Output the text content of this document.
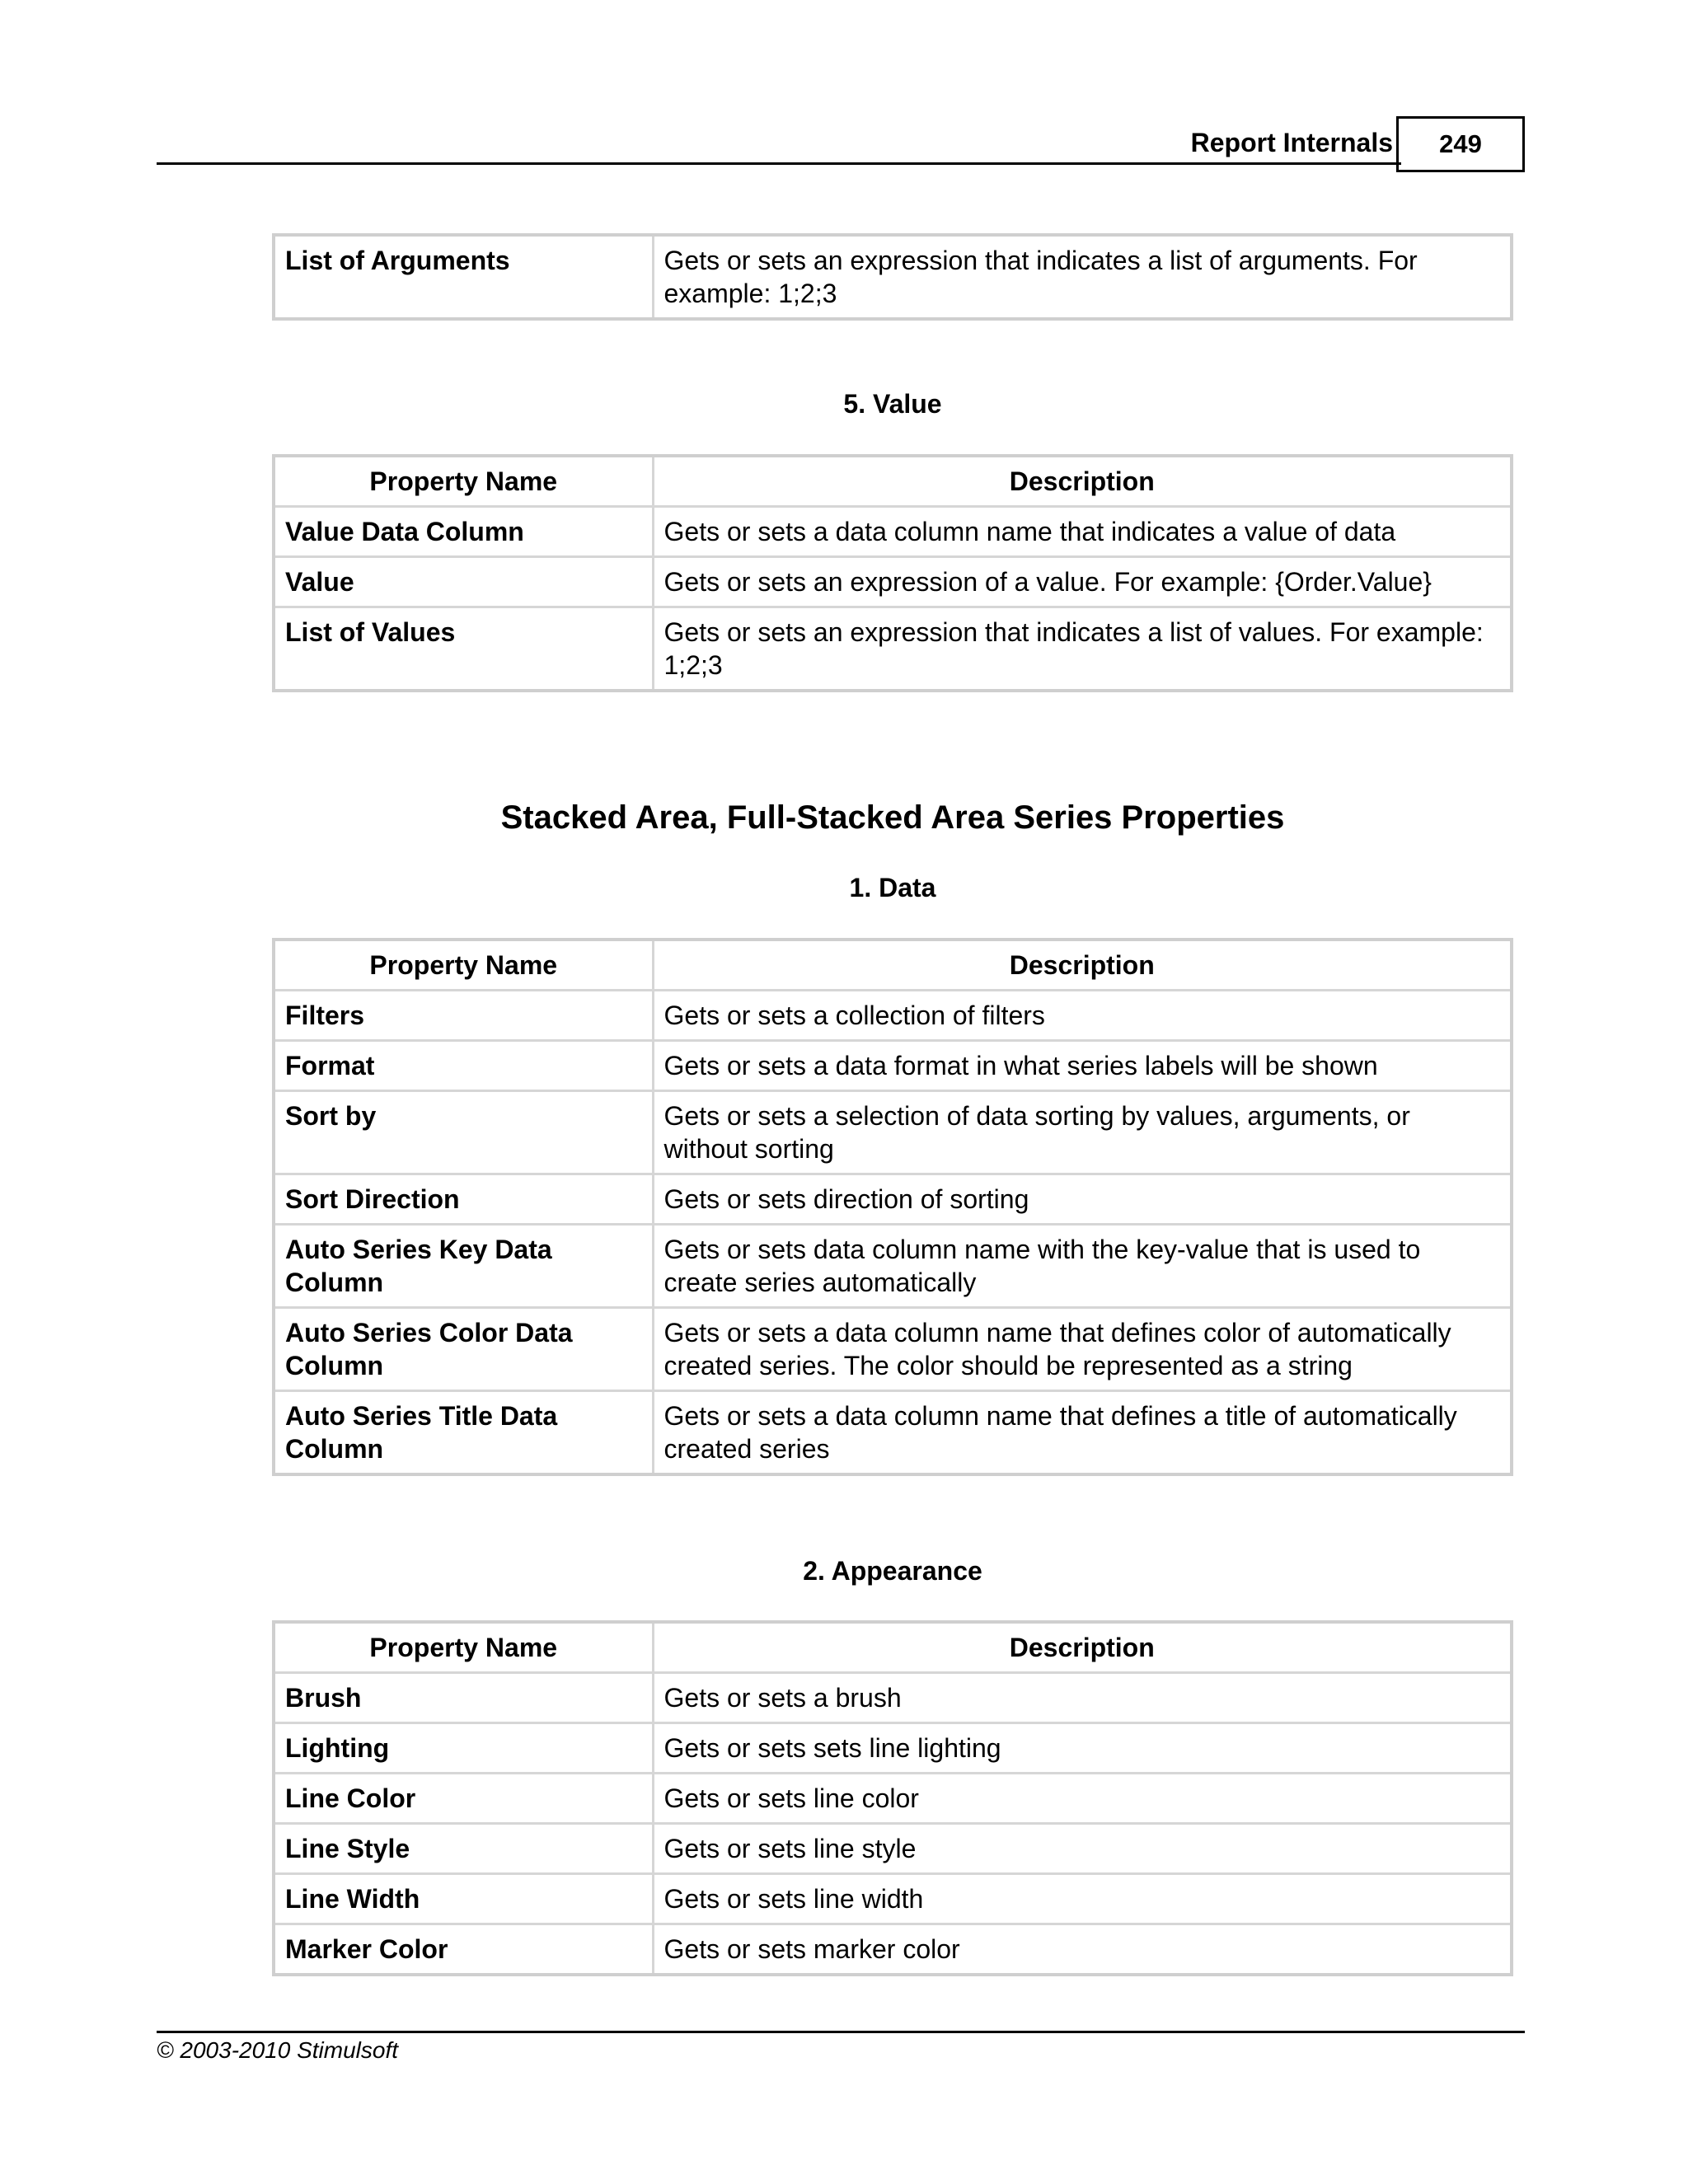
Report Internals	249
List of Arguments	Gets or sets an expression that indicates a list of arguments. For example: 1;2;3
5. Value
Property Name	Description
Value Data Column	Gets or sets a data column name that indicates a value of data
Value	Gets or sets an expression of a value. For example: {Order.Value}
List of Values	Gets or sets an expression that indicates a list of values. For example: 1;2;3
Stacked Area, Full-Stacked Area Series Properties
1. Data
Property Name	Description
Filters	Gets or sets a collection of filters
Format	Gets or sets a data format in what series labels will be shown
Sort by	Gets or sets a selection of data sorting by values, arguments, or without sorting
Sort Direction	Gets or sets direction of sorting
Auto Series Key Data Column	Gets or sets data column name with the key-value that is used to create series automatically
Auto Series Color Data Column	Gets or sets a data column name that defines color of automatically created series. The color should be represented as a string
Auto Series Title Data Column	Gets or sets a data column name that defines a title of automatically created series
2. Appearance
Property Name	Description
Brush	Gets or sets a brush
Lighting	Gets or sets sets line lighting
Line Color	Gets or sets line color
Line Style	Gets or sets line style
Line Width	Gets or sets line width
Marker Color	Gets or sets marker color
© 2003-2010 Stimulsoft
